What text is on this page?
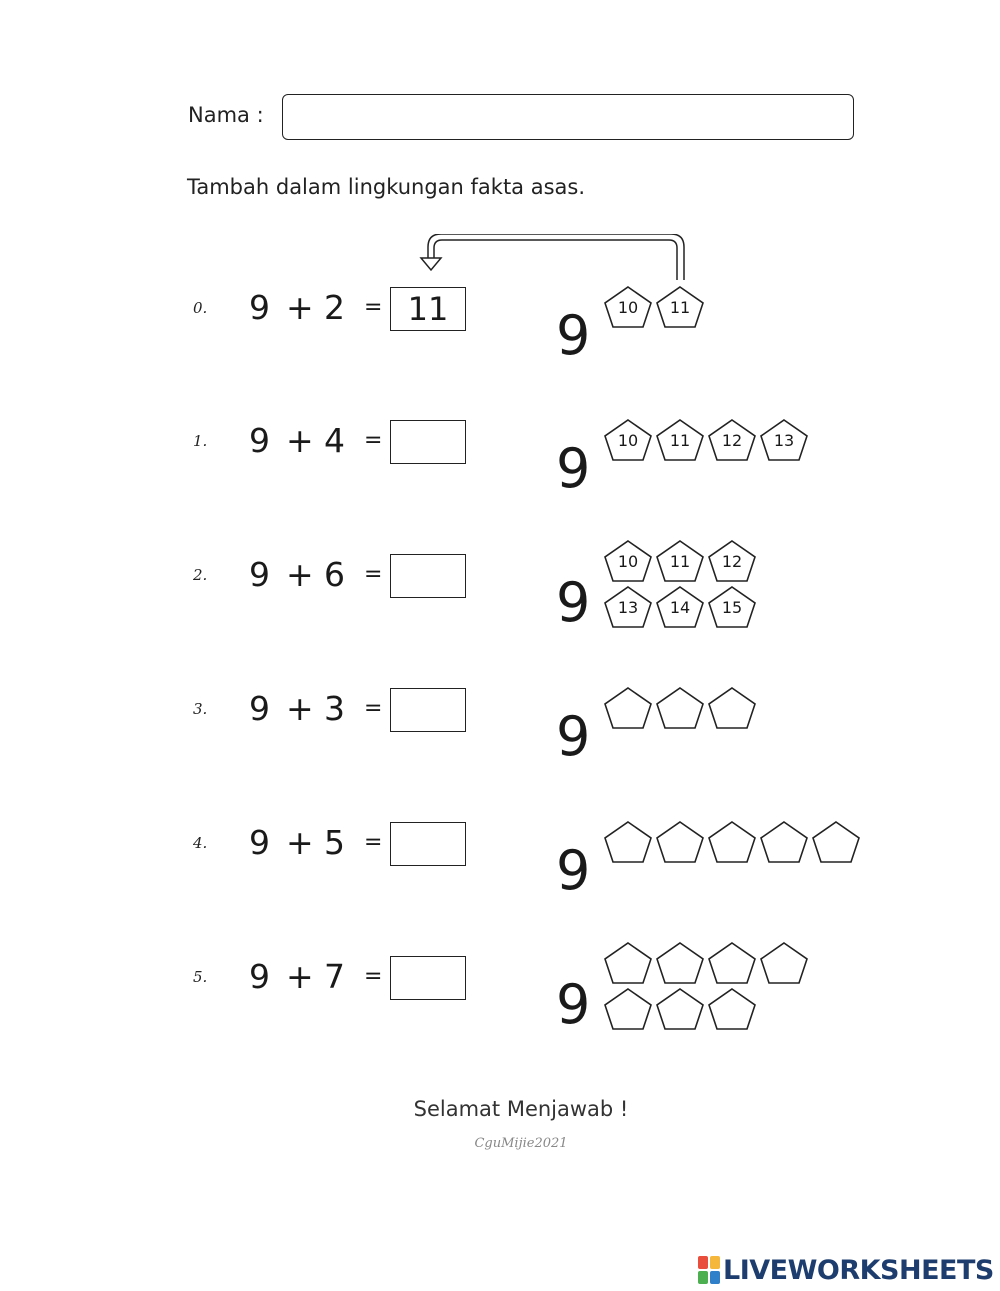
Nama :
Tambah dalam lingkungan fakta asas.
0. 9 + 2 = 11	9	10	11
1. 9 + 4 =	9	10	11	12	13
2. 9 + 6 =	9
10	11	12
13	14	15
3. 9 + 3 =	9
4. 9 + 5 =	9
5. 9 + 7 =	9
Selamat Menjawab !
CguMijie2021
LIVEWORKSHEETS
